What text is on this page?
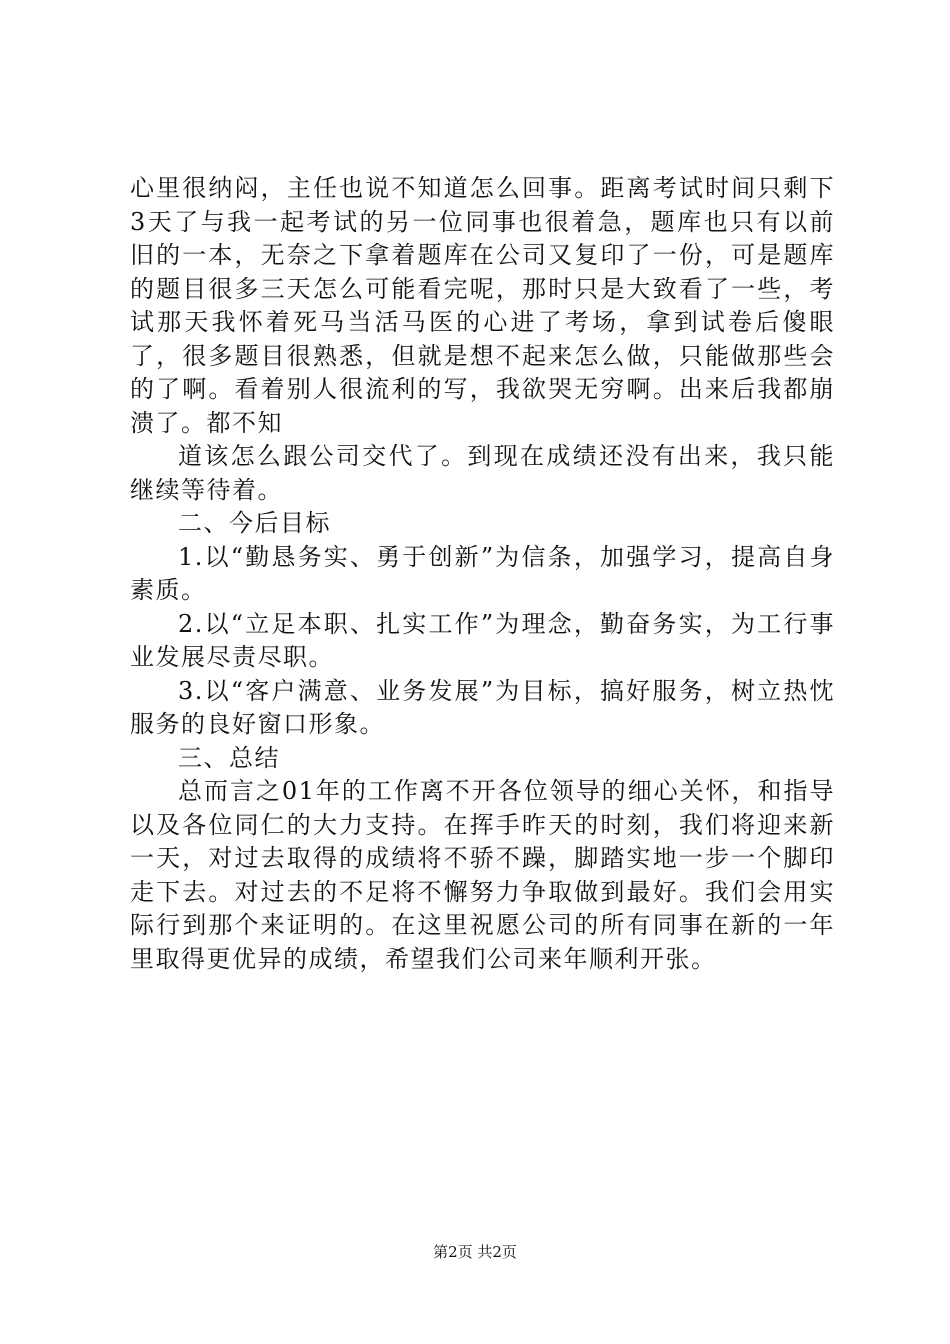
心里很纳闷，主任也说不知道怎么回事。距离考试时间只剩下3天了与我一起考试的另一位同事也很着急，题库也只有以前旧的一本，无奈之下拿着题库在公司又复印了一份，可是题库的题目很多三天怎么可能看完呢，那时只是大致看了一些，考试那天我怀着死马当活马医的心进了考场，拿到试卷后傻眼了，很多题目很熟悉，但就是想不起来怎么做，只能做那些会的了啊。看着别人很流利的写，我欲哭无穷啊。出来后我都崩溃了。都不知

道该怎么跟公司交代了。到现在成绩还没有出来，我只能继续等待着。

二、今后目标

1.以“勤恳务实、勇于创新”为信条，加强学习，提高自身素质。

2.以“立足本职、扎实工作”为理念，勤奋务实，为工行事业发展尽责尽职。

3.以“客户满意、业务发展”为目标，搞好服务，树立热忱服务的良好窗口形象。

三、总结

总而言之01年的工作离不开各位领导的细心关怀，和指导以及各位同仁的大力支持。在挥手昨天的时刻，我们将迎来新一天，对过去取得的成绩将不骄不躁，脚踏实地一步一个脚印走下去。对过去的不足将不懈努力争取做到最好。我们会用实际行到那个来证明的。在这里祝愿公司的所有同事在新的一年里取得更优异的成绩，希望我们公司来年顺利开张。

第2页 共2页
